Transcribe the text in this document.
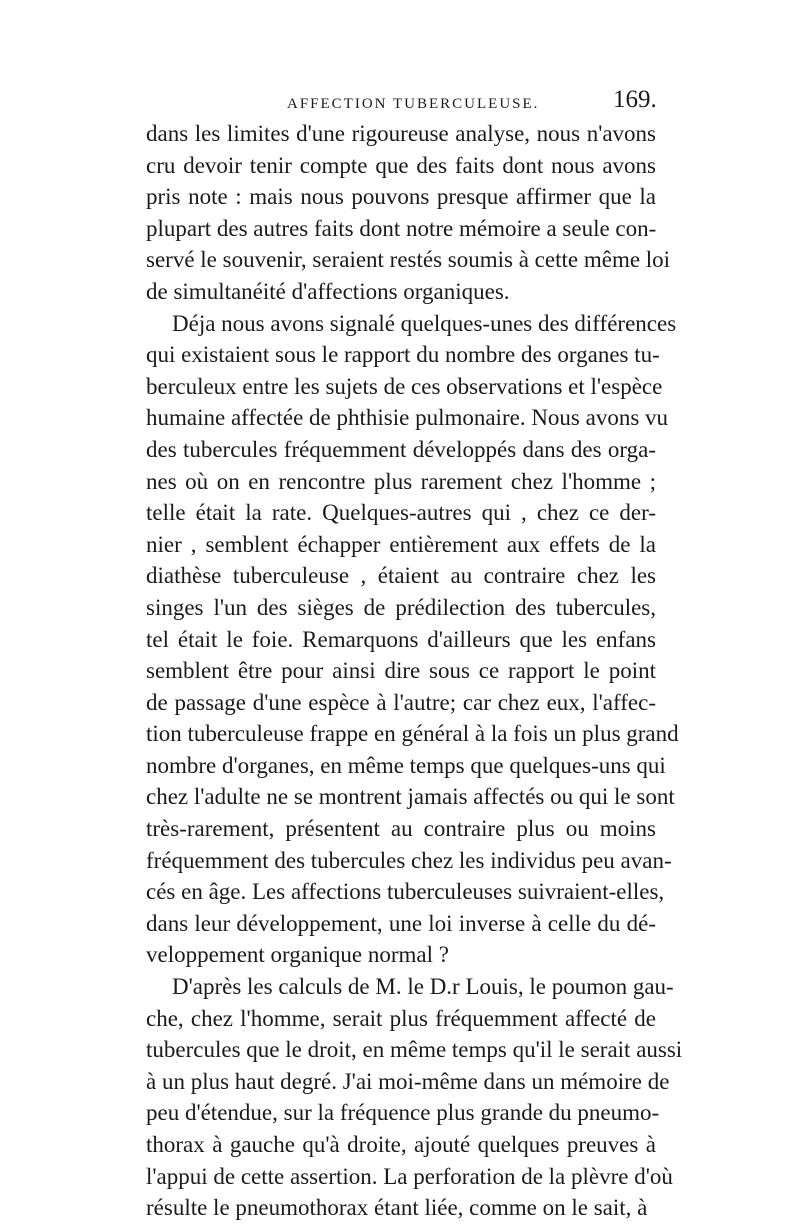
AFFECTION TUBERCULEUSE.	169.
dans les limites d'une rigoureuse analyse, nous n'avons
cru devoir tenir compte que des faits dont nous avons
pris note : mais nous pouvons presque affirmer que la
plupart des autres faits dont notre mémoire a seule con-
servé le souvenir, seraient restés soumis à cette même loi
de simultanéité d'affections organiques.
Déja nous avons signalé quelques-unes des différences
qui existaient sous le rapport du nombre des organes tu-
berculeux entre les sujets de ces observations et l'espèce
humaine affectée de phthisie pulmonaire. Nous avons vu
des tubercules fréquemment développés dans des orga-
nes où on en rencontre plus rarement chez l'homme ;
telle était la rate. Quelques-autres qui , chez ce der-
nier , semblent échapper entièrement aux effets de la
diathèse tuberculeuse , étaient au contraire chez les
singes l'un des sièges de prédilection des tubercules,
tel était le foie. Remarquons d'ailleurs que les enfans
semblent être pour ainsi dire sous ce rapport le point
de passage d'une espèce à l'autre; car chez eux, l'affec-
tion tuberculeuse frappe en général à la fois un plus grand
nombre d'organes, en même temps que quelques-uns qui
chez l'adulte ne se montrent jamais affectés ou qui le sont
très-rarement, présentent au contraire plus ou moins
fréquemment des tubercules chez les individus peu avan-
cés en âge. Les affections tuberculeuses suivraient-elles,
dans leur développement, une loi inverse à celle du dé-
veloppement organique normal ?
D'après les calculs de M. le D.r Louis, le poumon gau-
che, chez l'homme, serait plus fréquemment affecté de
tubercules que le droit, en même temps qu'il le serait aussi
à un plus haut degré. J'ai moi-même dans un mémoire de
peu d'étendue, sur la fréquence plus grande du pneumo-
thorax à gauche qu'à droite, ajouté quelques preuves à
l'appui de cette assertion. La perforation de la plèvre d'où
résulte le pneumothorax étant liée, comme on le sait, à
